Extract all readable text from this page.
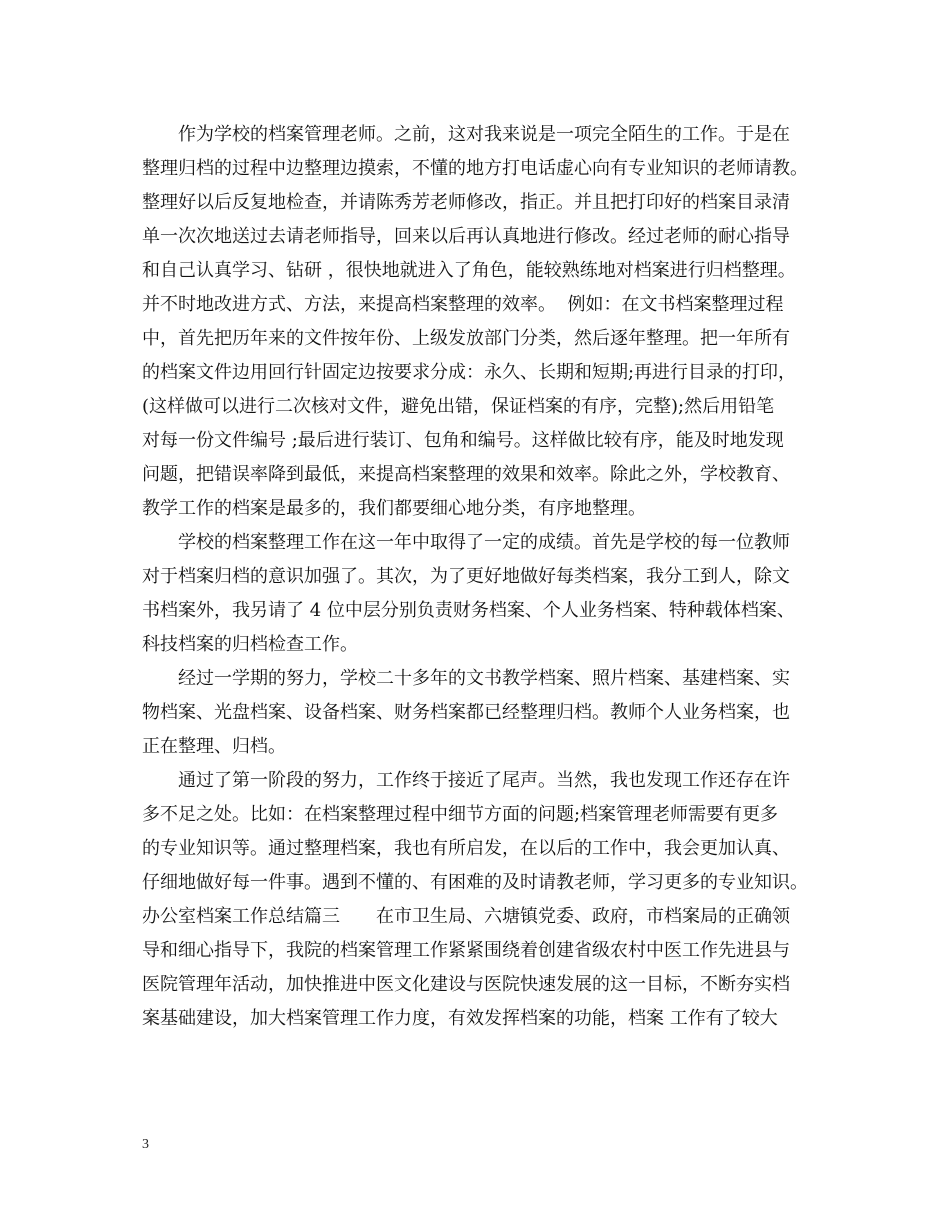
　　作为学校的档案管理老师。之前，这对我来说是一项完全陌生的工作。于是在
整理归档的过程中边整理边摸索，不懂的地方打电话虚心向有专业知识的老师请教。
整理好以后反复地检查，并请陈秀芳老师修改，指正。并且把打印好的档案目录清
单一次次地送过去请老师指导，回来以后再认真地进行修改。经过老师的耐心指导
和自己认真学习、钻研 ，很快地就进入了角色，能较熟练地对档案进行归档整理。
并不时地改进方式、方法，来提高档案整理的效率。  例如：在文书档案整理过程
中，首先把历年来的文件按年份、上级发放部门分类，然后逐年整理。把一年所有
的档案文件边用回行针固定边按要求分成：永久、长期和短期;再进行目录的打印，
(这样做可以进行二次核对文件，避免出错，保证档案的有序，完整);然后用铅笔
对每一份文件编号 ;最后进行装订、包角和编号。这样做比较有序，能及时地发现
问题，把错误率降到最低，来提高档案整理的效果和效率。除此之外，学校教育、
教学工作的档案是最多的，我们都要细心地分类，有序地整理。
　　学校的档案整理工作在这一年中取得了一定的成绩。首先是学校的每一位教师
对于档案归档的意识加强了。其次，为了更好地做好每类档案，我分工到人，除文
书档案外，我另请了 4 位中层分别负责财务档案、个人业务档案、特种载体档案、
科技档案的归档检查工作。
　　经过一学期的努力，学校二十多年的文书教学档案、照片档案、基建档案、实
物档案、光盘档案、设备档案、财务档案都已经整理归档。教师个人业务档案，也
正在整理、归档。
　　通过了第一阶段的努力，工作终于接近了尾声。当然，我也发现工作还存在许
多不足之处。比如：在档案整理过程中细节方面的问题;档案管理老师需要有更多
的专业知识等。通过整理档案，我也有所启发，在以后的工作中，我会更加认真、
仔细地做好每一件事。遇到不懂的、有困难的及时请教老师，学习更多的专业知识。
办公室档案工作总结篇三　　在市卫生局、六塘镇党委、政府，市档案局的正确领
导和细心指导下，我院的档案管理工作紧紧围绕着创建省级农村中医工作先进县与
医院管理年活动，加快推进中医文化建设与医院快速发展的这一目标，不断夯实档
案基础建设，加大档案管理工作力度，有效发挥档案的功能，档案 工作有了较大
3
